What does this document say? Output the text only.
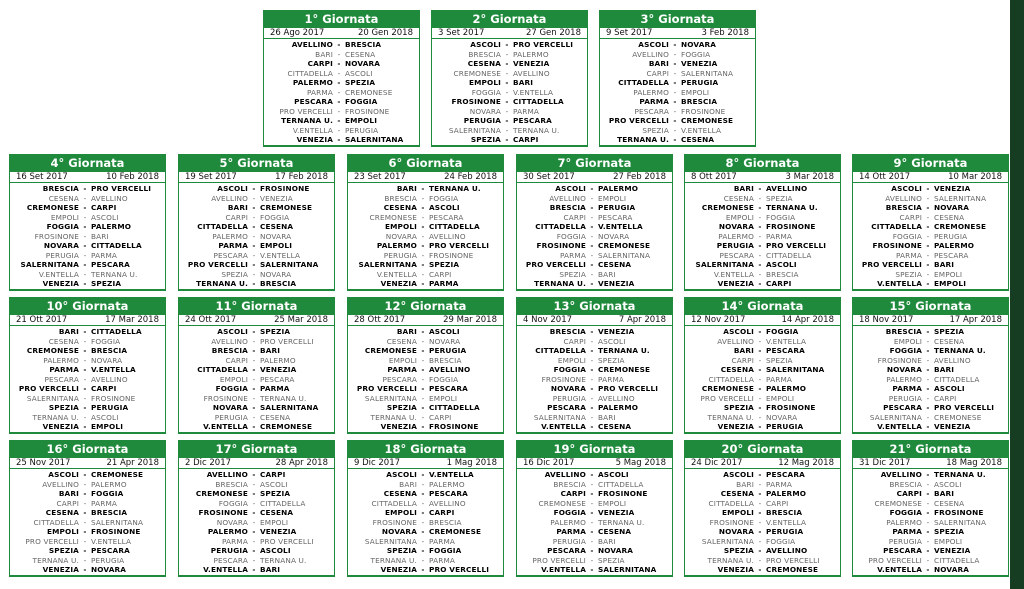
1° Giornata
26 Ago 2017	20 Gen 2018
AVELLINO - BRESCIA
BARI - CESENA
CARPI - NOVARA
CITTADELLA - ASCOLI
PALERMO - SPEZIA
PARMA - CREMONESE
PESCARA - FOGGIA
PRO VERCELLI - FROSINONE
TERNANA U. - EMPOLI
V.ENTELLA - PERUGIA
VENEZIA - SALERNITANA
2° Giornata
3 Set 2017	27 Gen 2018
ASCOLI - PRO VERCELLI
BRESCIA - PALERMO
CESENA - VENEZIA
CREMONESE - AVELLINO
EMPOLI - BARI
FOGGIA - V.ENTELLA
FROSINONE - CITTADELLA
NOVARA - PARMA
PERUGIA - PESCARA
SALERNITANA - TERNANA U.
SPEZIA - CARPI
3° Giornata
9 Set 2017	3 Feb 2018
ASCOLI - NOVARA
AVELLINO - FOGGIA
BARI - VENEZIA
CARPI - SALERNITANA
CITTADELLA - PERUGIA
PALERMO - EMPOLI
PARMA - BRESCIA
PESCARA - FROSINONE
PRO VERCELLI - CREMONESE
SPEZIA - V.ENTELLA
TERNANA U. - CESENA
4° Giornata
16 Set 2017	10 Feb 2018
BRESCIA - PRO VERCELLI
CESENA - AVELLINO
CREMONESE - CARPI
EMPOLI - ASCOLI
FOGGIA - PALERMO
FROSINONE - BARI
NOVARA - CITTADELLA
PERUGIA - PARMA
SALERNITANA - PESCARA
V.ENTELLA - TERNANA U.
VENEZIA - SPEZIA
5° Giornata
19 Set 2017	17 Feb 2018
ASCOLI - FROSINONE
AVELLINO - VENEZIA
BARI - CREMONESE
CARPI - FOGGIA
CITTADELLA - CESENA
PALERMO - NOVARA
PARMA - EMPOLI
PESCARA - V.ENTELLA
PRO VERCELLI - SALERNITANA
SPEZIA - NOVARA
TERNANA U. - BRESCIA
6° Giornata
23 Set 2017	24 Feb 2018
BARI - TERNANA U.
BRESCIA - FOGGIA
CESENA - ASCOLI
CREMONESE - PESCARA
EMPOLI - CITTADELLA
NOVARA - AVELLINO
PALERMO - PRO VERCELLI
PERUGIA - FROSINONE
SALERNITANA - SPEZIA
V.ENTELLA - CARPI
VENEZIA - PARMA
7° Giornata
30 Set 2017	27 Feb 2018
ASCOLI - PALERMO
AVELLINO - EMPOLI
BRESCIA - PERUGIA
CARPI - PESCARA
CITTADELLA - V.ENTELLA
FOGGIA - NOVARA
FROSINONE - CREMONESE
PARMA - SALERNITANA
PRO VERCELLI - CESENA
SPEZIA - BARI
TERNANA U. - VENEZIA
8° Giornata
8 Ott 2017	3 Mar 2018
BARI - AVELLINO
CESENA - SPEZIA
CREMONESE - TERNANA U.
EMPOLI - FOGGIA
NOVARA - FROSINONE
PALERMO - PARMA
PERUGIA - PRO VERCELLI
PESCARA - CITTADELLA
SALERNITANA - ASCOLI
V.ENTELLA - BRESCIA
VENEZIA - CARPI
9° Giornata
14 Ott 2017	10 Mar 2018
ASCOLI - VENEZIA
AVELLINO - SALERNITANA
BRESCIA - NOVARA
CARPI - CESENA
CITTADELLA - CREMONESE
FOGGIA - PERUGIA
FROSINONE - PALERMO
PARMA - PESCARA
PRO VERCELLI - BARI
SPEZIA - EMPOLI
V.ENTELLA - EMPOLI
10° Giornata
21 Ott 2017	17 Mar 2018
BARI - CITTADELLA
CESENA - FOGGIA
CREMONESE - BRESCIA
PALERMO - NOVARA
PARMA - V.ENTELLA
PESCARA - AVELLINO
PRO VERCELLI - CARPI
SALERNITANA - FROSINONE
SPEZIA - PERUGIA
TERNANA U. - ASCOLI
VENEZIA - EMPOLI
11° Giornata
24 Ott 2017	25 Mar 2018
ASCOLI - SPEZIA
AVELLINO - PRO VERCELLI
BRESCIA - BARI
CARPI - PALERMO
CITTADELLA - VENEZIA
EMPOLI - PESCARA
FOGGIA - PARMA
FROSINONE - TERNANA U.
NOVARA - SALERNITANA
PERUGIA - CESENA
V.ENTELLA - CREMONESE
12° Giornata
28 Ott 2017	29 Mar 2018
BARI - ASCOLI
CESENA - NOVARA
CREMONESE - PERUGIA
EMPOLI - BRESCIA
PARMA - AVELLINO
PESCARA - FOGGIA
PRO VERCELLI - PESCARA
SALERNITANA - EMPOLI
SPEZIA - CITTADELLA
TERNANA U. - CARPI
VENEZIA - FROSINONE
13° Giornata
4 Nov 2017	7 Apr 2018
BRESCIA - VENEZIA
CARPI - ASCOLI
CITTADELLA - TERNANA U.
EMPOLI - SPEZIA
FOGGIA - CREMONESE
FROSINONE - PARMA
NOVARA - PRO VERCELLI
PERUGIA - AVELLINO
PESCARA - PALERMO
SALERNITANA - BARI
V.ENTELLA - CESENA
14° Giornata
12 Nov 2017	14 Apr 2018
ASCOLI - FOGGIA
AVELLINO - V.ENTELLA
BARI - PESCARA
CARPI - SPEZIA
CESENA - SALERNITANA
CITTADELLA - PARMA
CREMONESE - PALERMO
PRO VERCELLI - EMPOLI
SPEZIA - FROSINONE
TERNANA U. - NOVARA
VENEZIA - PERUGIA
15° Giornata
18 Nov 2017	17 Apr 2018
BRESCIA - SPEZIA
EMPOLI - CESENA
FOGGIA - TERNANA U.
FROSINONE - AVELLINO
NOVARA - BARI
PALERMO - CITTADELLA
PARMA - ASCOLI
PERUGIA - CARPI
PESCARA - PRO VERCELLI
SALERNITANA - CREMONESE
V.ENTELLA - VENEZIA
16° Giornata
25 Nov 2017	21 Apr 2018
ASCOLI - CREMONESE
AVELLINO - PALERMO
BARI - FOGGIA
CARPI - PARMA
CESENA - BRESCIA
CITTADELLA - SALERNITANA
EMPOLI - FROSINONE
PRO VERCELLI - V.ENTELLA
SPEZIA - PESCARA
TERNANA U. - PERUGIA
VENEZIA - NOVARA
17° Giornata
2 Dic 2017	28 Apr 2018
AVELLINO - CARPI
BRESCIA - ASCOLI
CREMONESE - SPEZIA
FOGGIA - CITTADELLA
FROSINONE - CESENA
NOVARA - EMPOLI
PALERMO - VENEZIA
PARMA - PRO VERCELLI
PERUGIA - ASCOLI
PESCARA - TERNANA U.
V.ENTELLA - BARI
18° Giornata
9 Dic 2017	1 Mag 2018
ASCOLI - V.ENTELLA
BARI - PALERMO
CESENA - PESCARA
CITTADELLA - AVELLINO
EMPOLI - CARPI
FROSINONE - BRESCIA
NOVARA - CREMONESE
SALERNITANA - PARMA
SPEZIA - FOGGIA
TERNANA U. - PARMA
VENEZIA - PRO VERCELLI
19° Giornata
16 Dic 2017	5 Mag 2018
AVELLINO - ASCOLI
BRESCIA - CITTADELLA
CARPI - FROSINONE
CREMONESE - EMPOLI
FOGGIA - VENEZIA
PALERMO - TERNANA U.
PARMA - CESENA
PERUGIA - BARI
PESCARA - NOVARA
PRO VERCELLI - SPEZIA
V.ENTELLA - SALERNITANA
20° Giornata
24 Dic 2017	12 Mag 2018
ASCOLI - PESCARA
BARI - PARMA
CESENA - PALERMO
CITTADELLA - CARPI
EMPOLI - BRESCIA
FROSINONE - V.ENTELLA
NOVARA - PERUGIA
SALERNITANA - FOGGIA
SPEZIA - AVELLINO
TERNANA U. - PRO VERCELLI
VENEZIA - CREMONESE
21° Giornata
31 Dic 2017	18 Mag 2018
AVELLINO - TERNANA U.
BRESCIA - ASCOLI
CARPI - BARI
CREMONESE - CESENA
FOGGIA - FROSINONE
PALERMO - SALERNITANA
PARMA - SPEZIA
PERUGIA - EMPOLI
PESCARA - VENEZIA
PRO VERCELLI - CITTADELLA
V.ENTELLA - NOVARA
